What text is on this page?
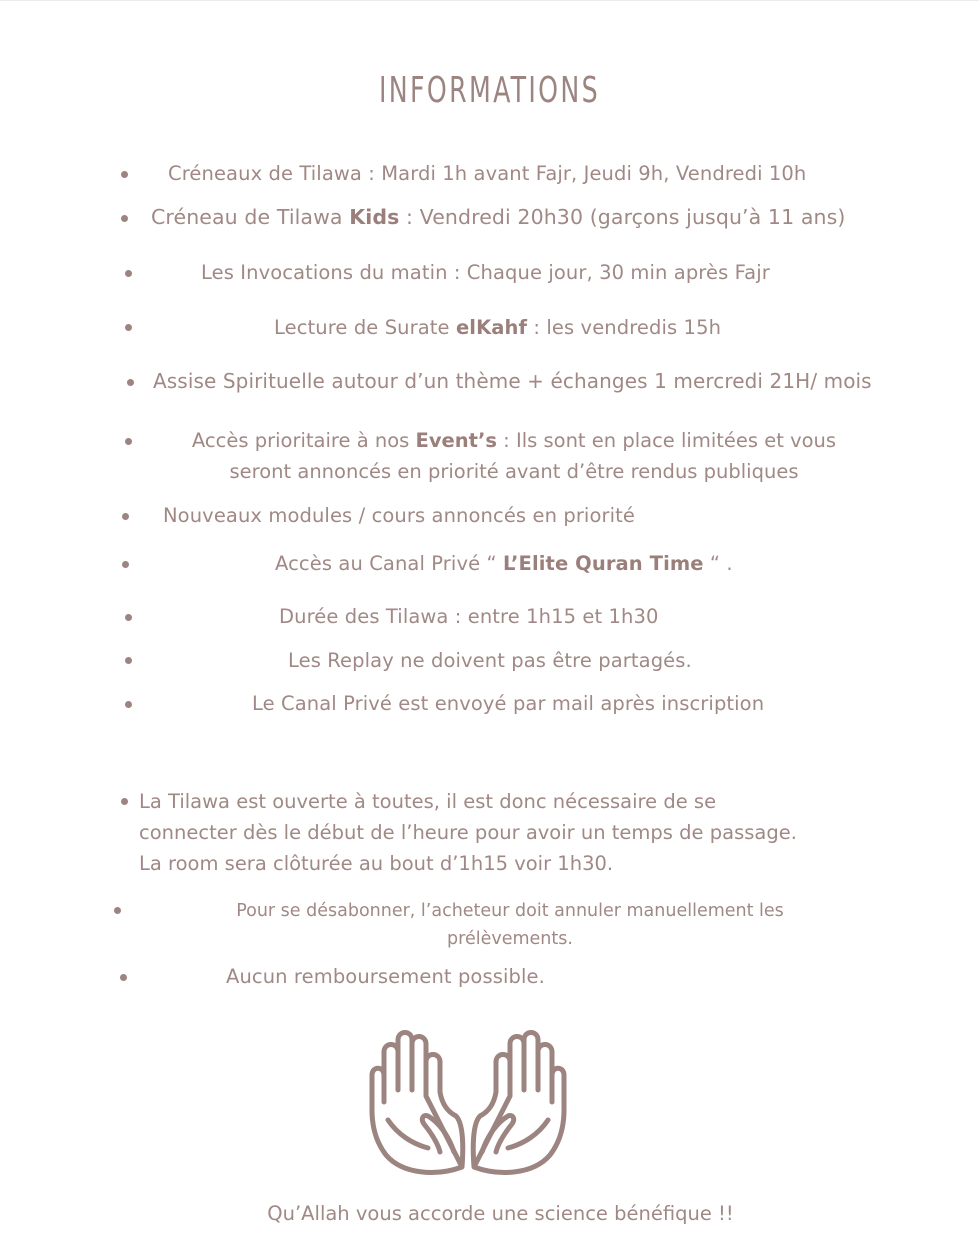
INFORMATIONS
Créneaux de Tilawa : Mardi 1h avant Fajr, Jeudi 9h, Vendredi 10h
Créneau de Tilawa Kids : Vendredi 20h30 (garçons jusqu’à 11 ans)
Les Invocations du matin : Chaque jour, 30 min après Fajr
Lecture de Surate elKahf : les vendredis 15h
Assise Spirituelle autour d’un thème + échanges 1 mercredi 21H/ mois
Accès prioritaire à nos Event’s : Ils sont en place limitées et vous
seront annoncés en priorité avant d’être rendus publiques
Nouveaux modules / cours annoncés en priorité
Accès au Canal Privé “ L’Elite Quran Time “ .
Durée des Tilawa : entre 1h15 et 1h30
Les Replay ne doivent pas être partagés.
Le Canal Privé est envoyé par mail après inscription
La Tilawa est ouverte à toutes, il est donc nécessaire de se
connecter dès le début de l’heure pour avoir un temps de passage.
La room sera clôturée au bout d’1h15 voir 1h30.
Pour se désabonner, l’acheteur doit annuler manuellement les
prélèvements.
Aucun remboursement possible.
Qu’Allah vous accorde une science bénéfique !!
